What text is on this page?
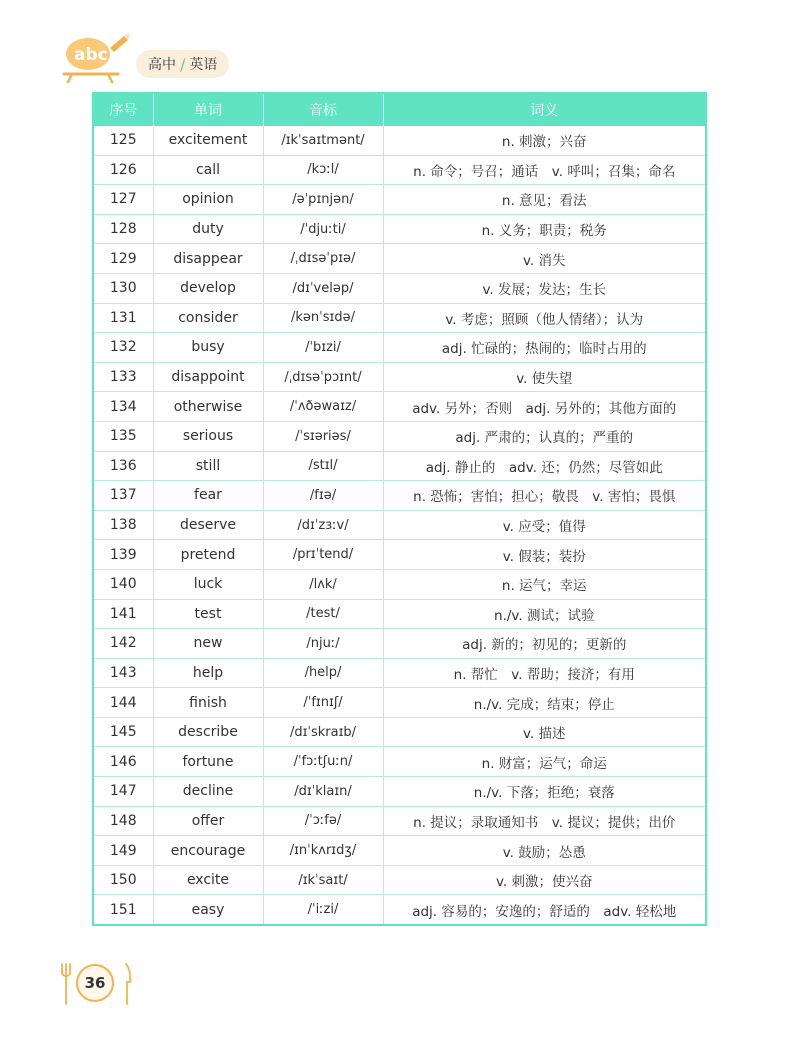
abc	高中 / 英语
序号	单词	音标	词义
125	excitement	/ɪkˈsaɪtmənt/	n. 刺激；兴奋
126	call	/kɔːl/	n. 命令；号召；通话　v. 呼叫；召集；命名
127	opinion	/əˈpɪnjən/	n. 意见；看法
128	duty	/ˈdjuːti/	n. 义务；职责；税务
129	disappear	/ˌdɪsəˈpɪə/	v. 消失
130	develop	/dɪˈveləp/	v. 发展；发达；生长
131	consider	/kənˈsɪdə/	v. 考虑；照顾（他人情绪）；认为
132	busy	/ˈbɪzi/	adj. 忙碌的；热闹的；临时占用的
133	disappoint	/ˌdɪsəˈpɔɪnt/	v. 使失望
134	otherwise	/ˈʌðəwaɪz/	adv. 另外；否则　adj. 另外的；其他方面的
135	serious	/ˈsɪəriəs/	adj. 严肃的；认真的；严重的
136	still	/stɪl/	adj. 静止的　adv. 还；仍然；尽管如此
137	fear	/fɪə/	n. 恐怖；害怕；担心；敬畏　v. 害怕；畏惧
138	deserve	/dɪˈzɜːv/	v. 应受；值得
139	pretend	/prɪˈtend/	v. 假装；装扮
140	luck	/lʌk/	n. 运气；幸运
141	test	/test/	n./v. 测试；试验
142	new	/njuː/	adj. 新的；初见的；更新的
143	help	/help/	n. 帮忙　v. 帮助；接济；有用
144	finish	/ˈfɪnɪʃ/	n./v. 完成；结束；停止
145	describe	/dɪˈskraɪb/	v. 描述
146	fortune	/ˈfɔːtʃuːn/	n. 财富；运气；命运
147	decline	/dɪˈklaɪn/	n./v. 下落；拒绝；衰落
148	offer	/ˈɔːfə/	n. 提议；录取通知书　v. 提议；提供；出价
149	encourage	/ɪnˈkʌrɪdʒ/	v. 鼓励；怂恿
150	excite	/ɪkˈsaɪt/	v. 刺激；使兴奋
151	easy	/ˈiːzi/	adj. 容易的；安逸的；舒适的　adv. 轻松地
36
